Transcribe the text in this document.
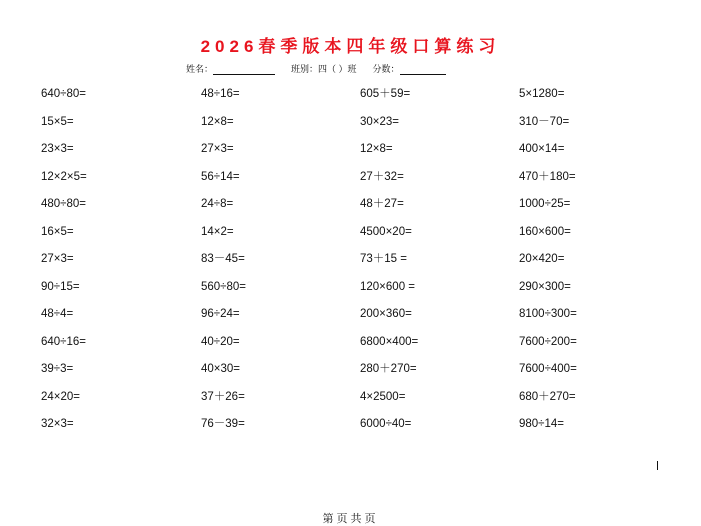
2026春季版本四年级口算练习
姓名：	班别：四（ ）班 分数：
640÷80=
15×5=
23×3=
12×2×5=
480÷80=
16×5=
27×3=
90÷15=
48÷4=
640÷16=
39÷3=
24×20=
32×3=
48÷16=
12×8=
27×3=
56÷14=
24÷8=
14×2=
83－45=
560÷80=
96÷24=
40÷20=
40×30=
37＋26=
76－39=
605＋59=
30×23=
12×8=
27＋32=
48＋27=
4500×20=
73＋15 =
120×600 =
200×360=
6800×400=
280＋270=
4×2500=
6000÷40=
5×1280=
310－70=
400×14=
470＋180=
1000÷25=
160×600=
20×420=
290×300=
8100÷300=
7600÷200=
7600÷400=
680＋270=
980÷14=
第页共页
